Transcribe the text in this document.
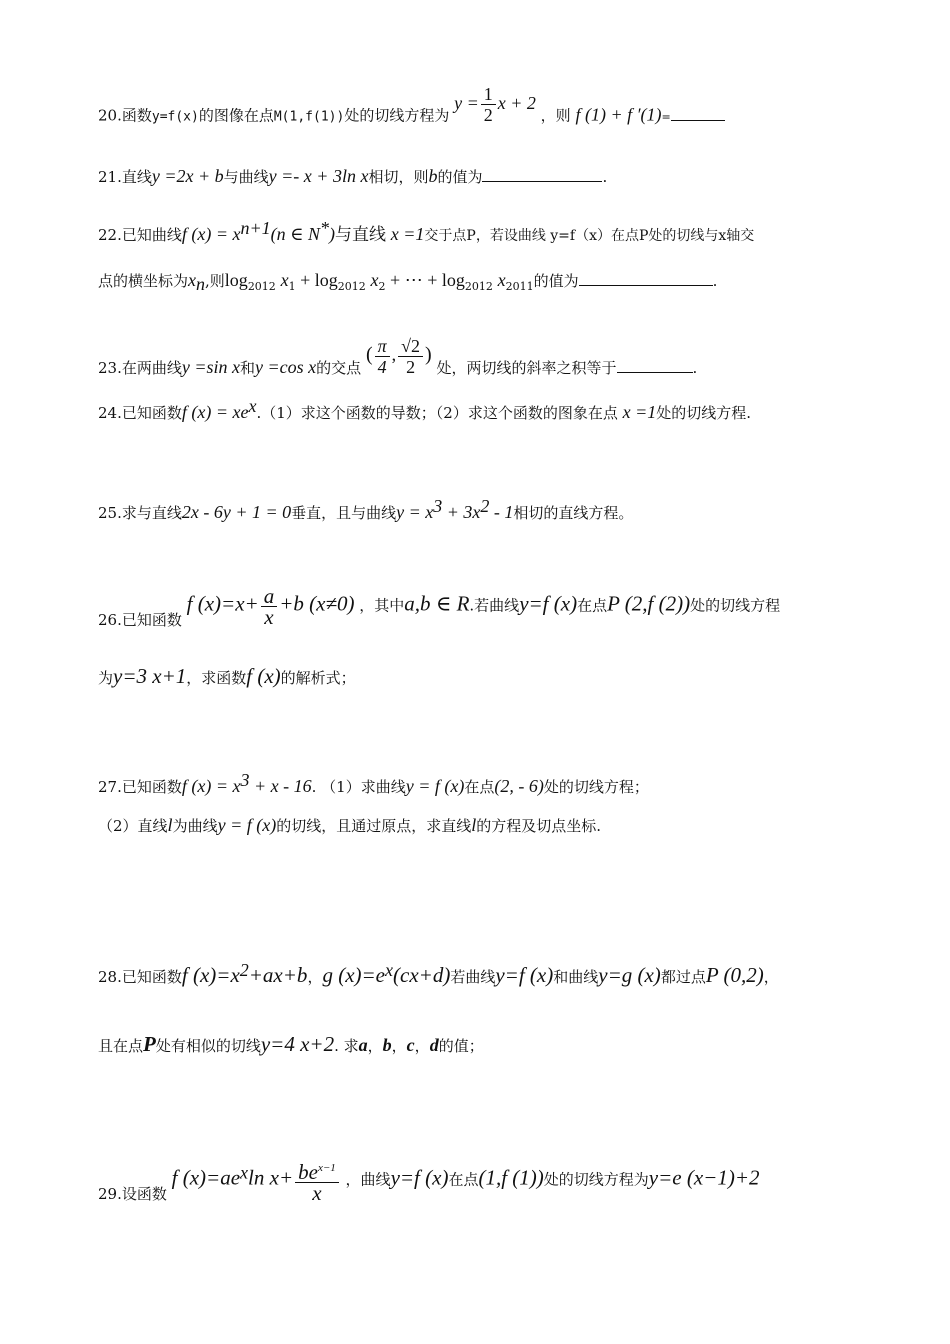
20.函数y=f(x)的图像在点M(1,f(1))处的切线方程为 $y = \frac{1}{2}$ x + 2 ，则 f (1) + f ′(1)=
21.直线y =2x + b与曲线y =- x + 3ln x相切，则b的值为	.
22.已知曲线f $(x) = x^{n+1}(n$ ∈ N*)与直线 x =1交于点P，若设曲线 y=f（x）在点P处的切线与x轴交
点的横坐标为$x_n$,则$\log_{2012} x_1 + \log_{2012} x_2$ + ⋯ + $\log_{2012} x_{2011}$的值为	.
23.在两曲线y =sin x和y =cos x的交点 ( $\frac{\pi}{4}$ , $\frac{√2}{2}$ ) 处，两切线的斜率之积等于	.
24.已知函数f $(x) = xe^x.(1)$求这个函数的导数；（2）求这个函数的图象在点 x =1处的切线方程.
25.求与直线2x - 6y + 1 = 0垂直，且与曲线$y = x^3 + 3x^2 - 1$相切的直线方程。
26.已知函数 f $(x)=x+ \frac{a}{x} +b$ (x≠0) ，其中a,b ∈ R.若曲线y=f (x)在点P (2,f (2))处的切线方程
为y=3 x+1，求函数f (x)的解析式；
27.已知函数f $(x) = x^3 + x - 16$. （1）求曲线y = f (x)在点(2, - 6)处的切线方程；
（2）直线l为曲线y = f (x)的切线，且通过原点，求直线l的方程及切点坐标.
28.已知函数f $(x)=x^2+ax+b$，g $(x)=e^x(cx+d)$若曲线y=f (x)和曲线y=g (x)都过点P (0,2)，
且在点P处有相似的切线y=4 x+2. 求a，b，c，d的值；
29.设函数 f $(x)=ae^x\ln$ $x+ \frac{be^{x-1}}{x}$ ，曲线y=f (x)在点(1,f (1))处的切线方程为y=e (x−1)+2
